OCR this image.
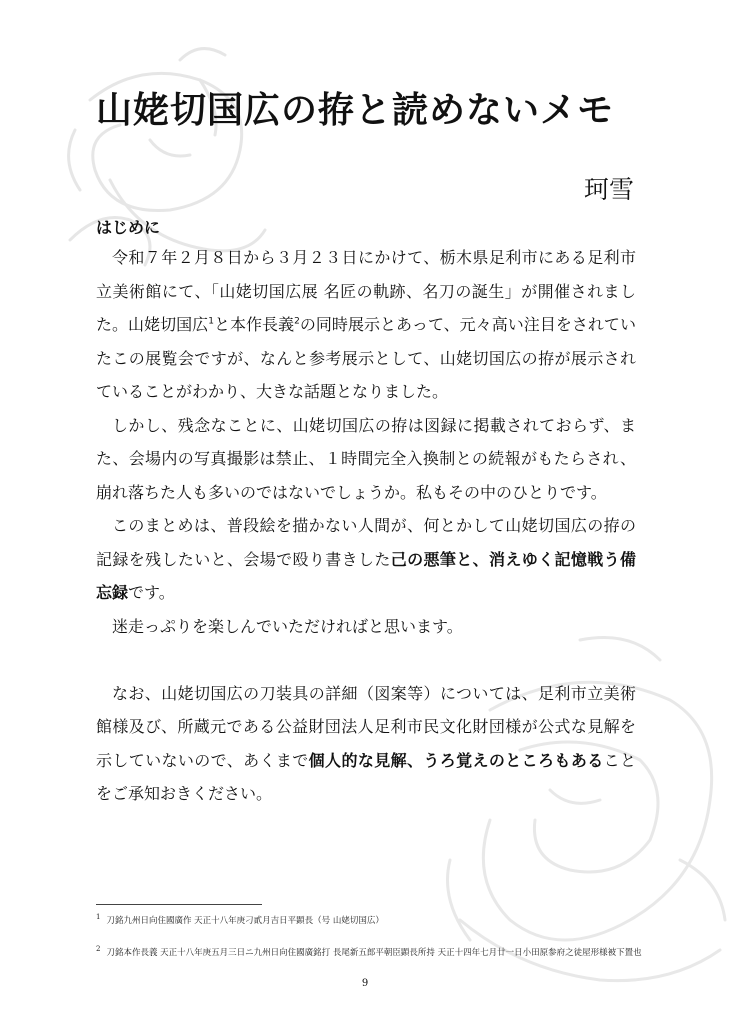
山姥切国広の拵と読めないメモ
珂雪
はじめに

令和７年２月８日から３月２３日にかけて、栃木県足利市にある足利市立美術館にて、「山姥切国広展 名匠の軌跡、名刀の誕生」が開催されました。山姥切国広$^1$と本作長義$^2$の同時展示とあって、元々高い注目をされていたこの展覧会ですが、なんと参考展示として、山姥切国広の拵が展示されていることがわかり、大きな話題となりました。

しかし、残念なことに、山姥切国広の拵は図録に掲載されておらず、また、会場内の写真撮影は禁止、１時間完全入換制との続報がもたらされ、崩れ落ちた人も多いのではないでしょうか。私もその中のひとりです。

このまとめは、普段絵を描かない人間が、何とかして山姥切国広の拵の記録を残したいと、会場で殴り書きした己の悪筆と、消えゆく記憶戦う備忘録です。

迷走っぷりを楽しんでいただければと思います。

なお、山姥切国広の刀装具の詳細（図案等）については、足利市立美術館様及び、所蔵元である公益財団法人足利市民文化財団様が公式な見解を示していないので、あくまで個人的な見解、うろ覚えのところもあることをご承知おきください。

$^1$ 刀銘九州日向住國廣作 天正十八年庚刁貳月吉日平顕長（号 山姥切国広）
$^2$ 刀銘本作長義 天正十八年庚五月三日ニ九州日向住國廣銘打 長尾新五郎平朝臣顕長所持 天正十四年七月廿一日小田原参府之徒屋形様被下置也
9
